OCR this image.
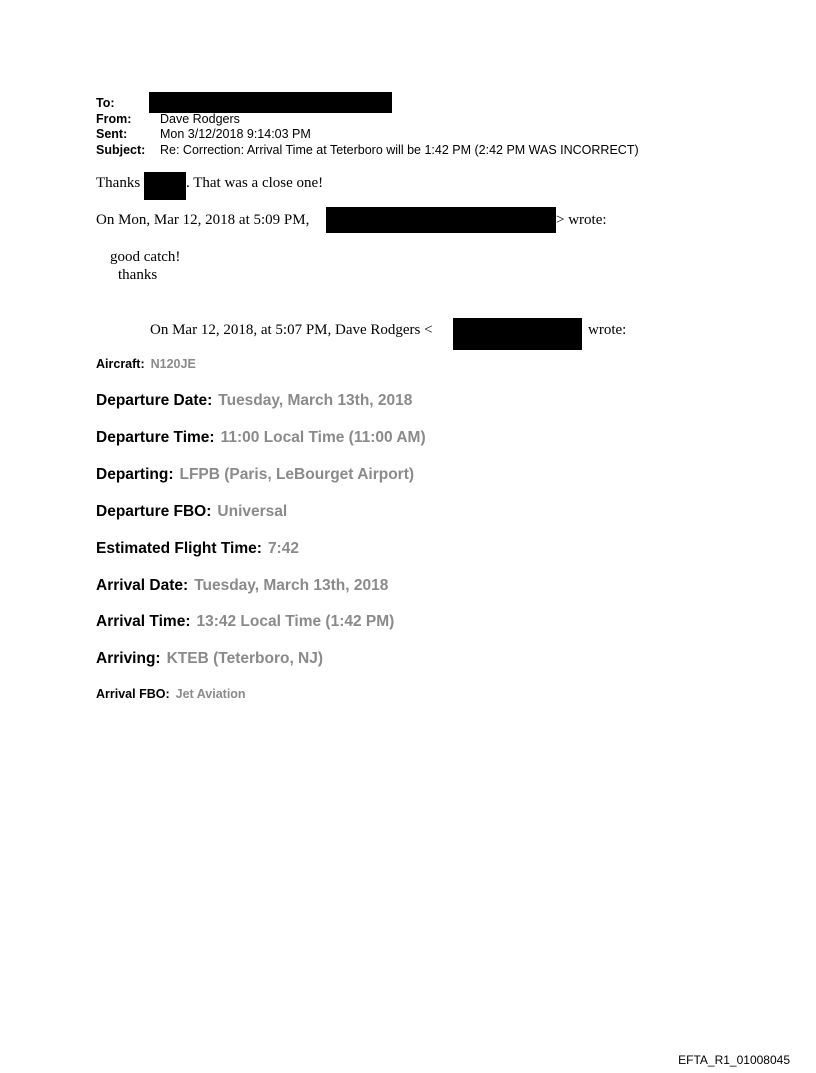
To:
From: Dave Rodgers
Sent:	Mon 3/12/2018 9:14:03 PM
Subject: Re: Correction: Arrival Time at Teterboro will be 1:42 PM (2:42 PM WAS INCORRECT)
Thanks	. That was a close one!
On Mon, Mar 12, 2018 at 5:09 PM,	> wrote:
good catch!
thanks
On Mar 12, 2018, at 5:07 PM, Dave Rodgers <	wrote:
Aircraft: N120JE
Departure Date: Tuesday, March 13th, 2018
Departure Time: 11:00 Local Time (11:00 AM)
Departing: LFPB (Paris, LeBourget Airport)
Departure FBO: Universal
Estimated Flight Time: 7:42
Arrival Date: Tuesday, March 13th, 2018
Arrival Time: 13:42 Local Time (1:42 PM)
Arriving: KTEB (Teterboro, NJ)
Arrival FBO: Jet Aviation
EFTA_R1_01008045
